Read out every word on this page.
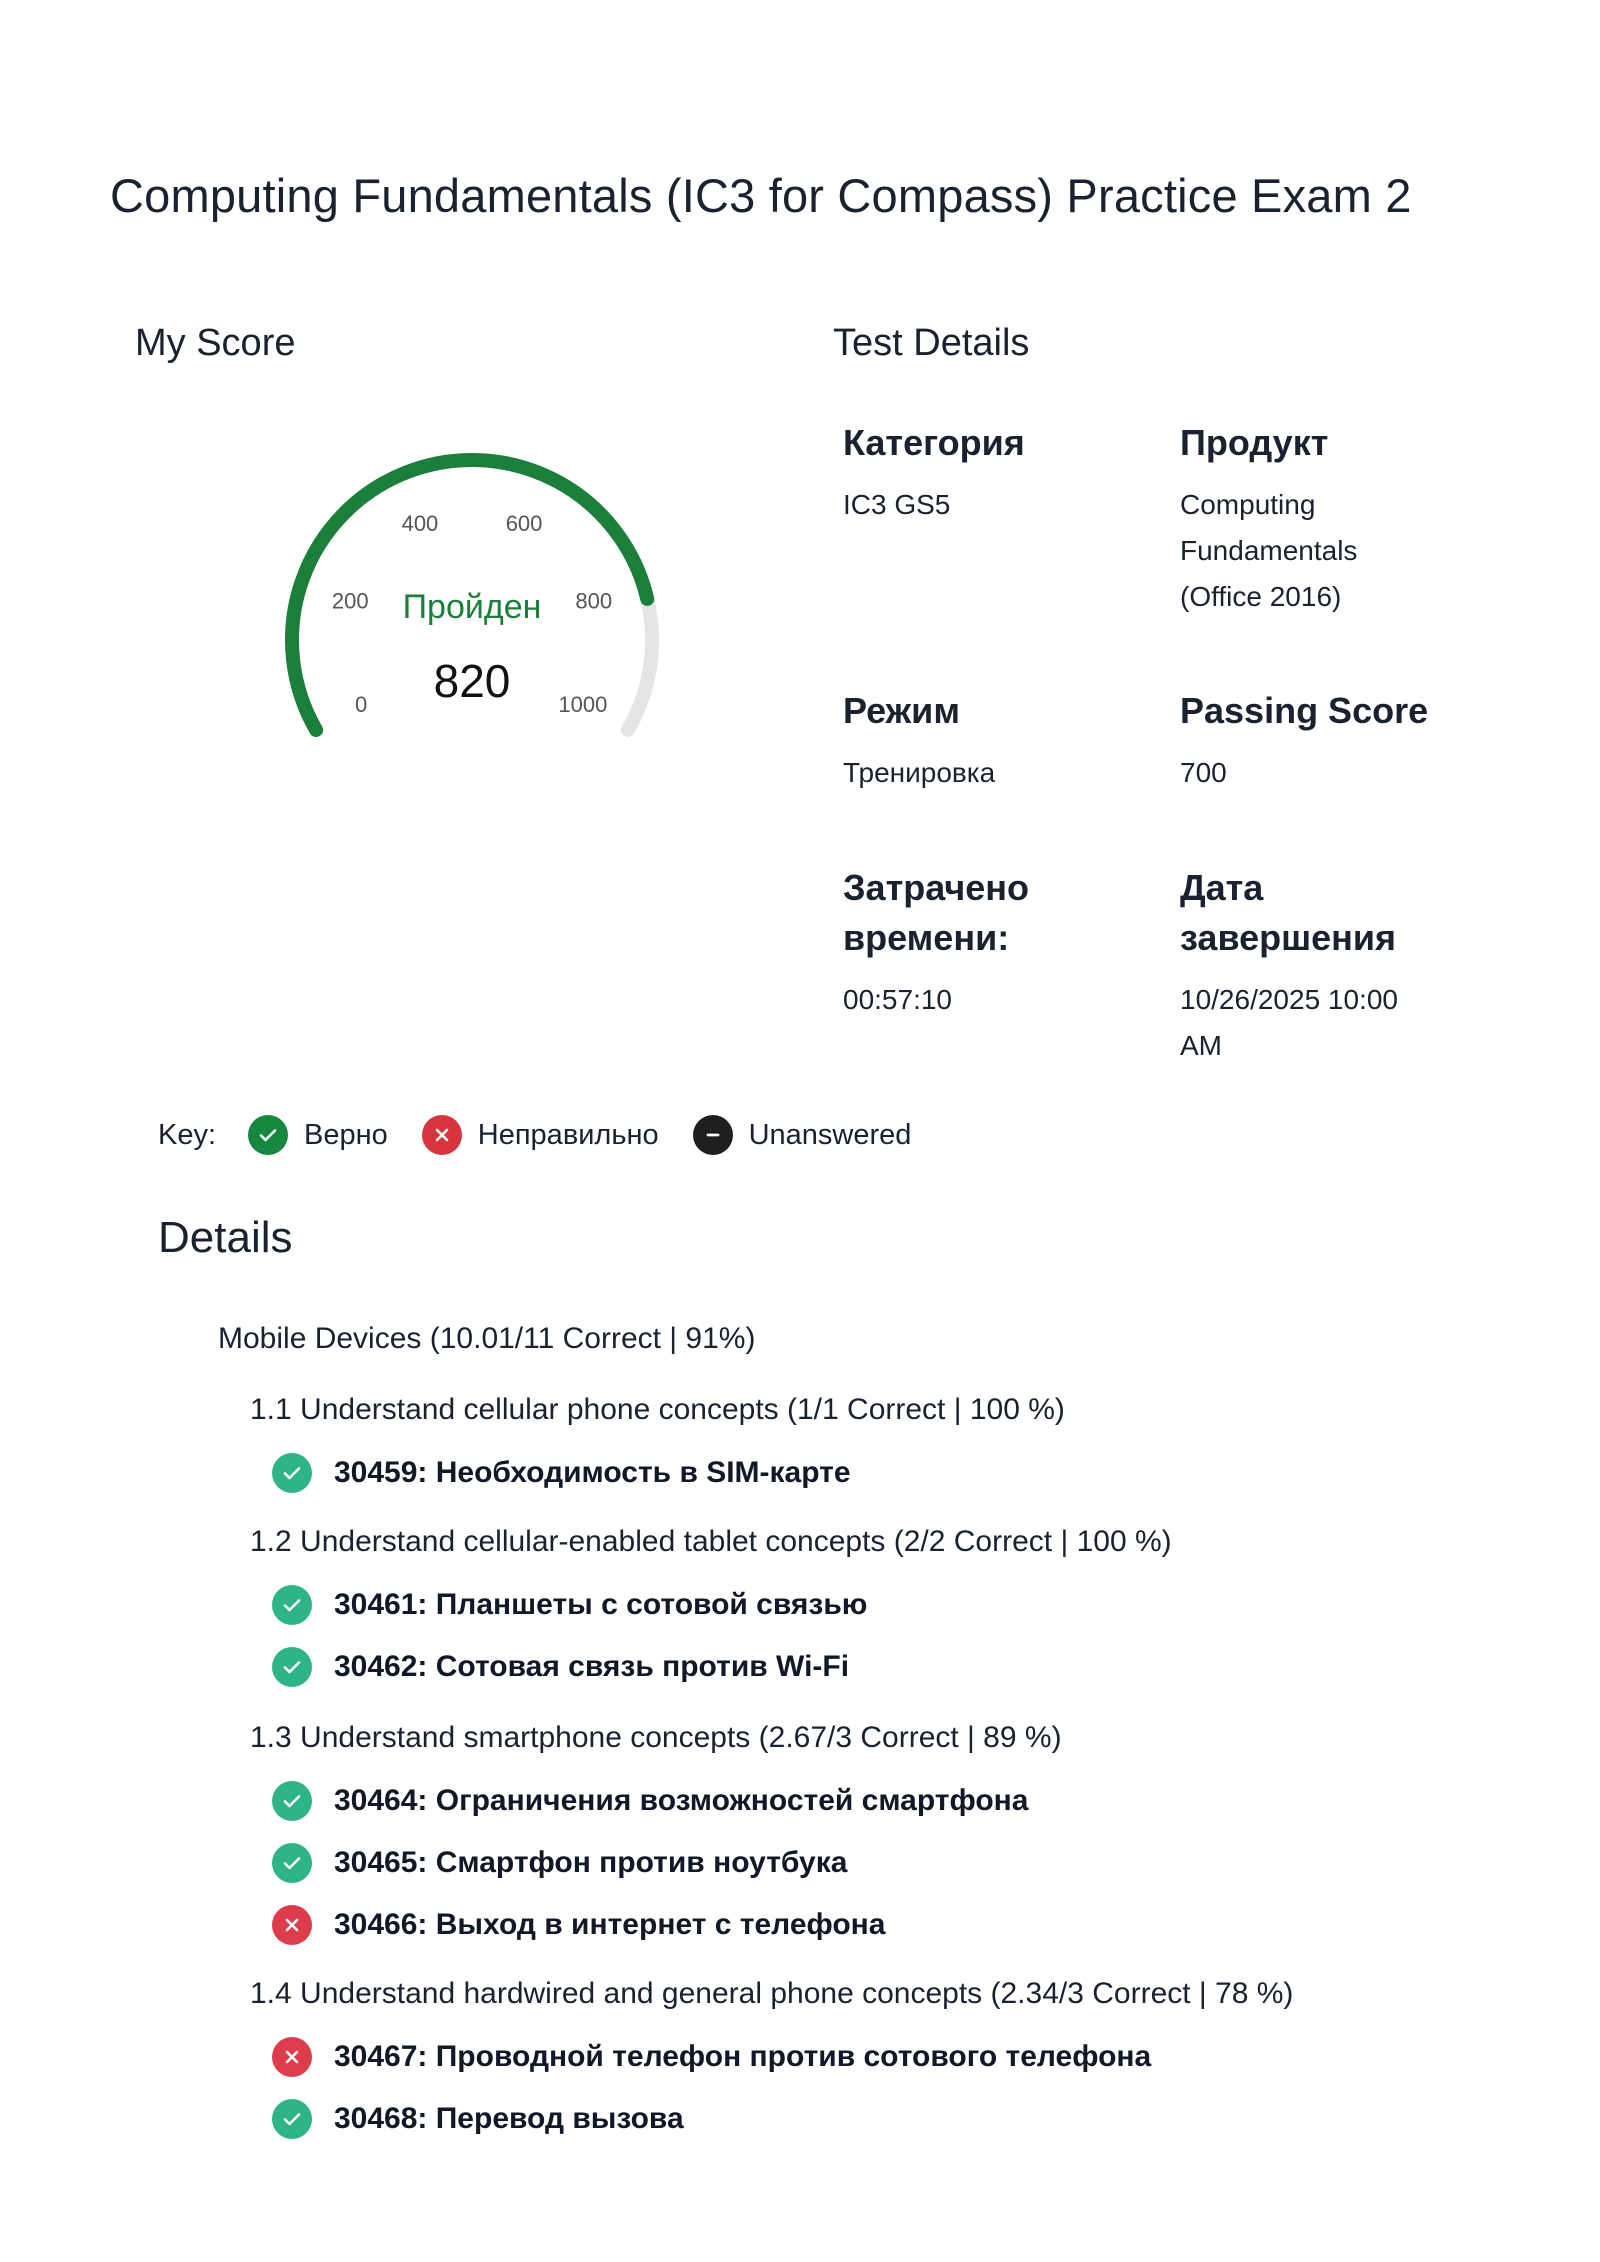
Computing Fundamentals (IC3 for Compass) Practice Exam 2
My Score
0
200
400	600
800
1000
Пройден
820
Test Details
Категория
IC3 GS5
Продукт
Computing
Fundamentals
(Office 2016)
Режим
Тренировка
Passing Score
700
Затрачено
времени:
00:57:10
Дата
завершения
10/26/2025 10:00
AM
Key:	Верно	Неправильно	Unanswered
Details
Mobile Devices (10.01/11 Correct | 91%)
1.1 Understand cellular phone concepts (1/1 Correct | 100 %)
30459: Необходимость в SIM-карте
1.2 Understand cellular-enabled tablet concepts (2/2 Correct | 100 %)
30461: Планшеты с сотовой связью
30462: Сотовая связь против Wi-Fi
1.3 Understand smartphone concepts (2.67/3 Correct | 89 %)
30464: Ограничения возможностей смартфона
30465: Смартфон против ноутбука
30466: Выход в интернет с телефона
1.4 Understand hardwired and general phone concepts (2.34/3 Correct | 78 %)
30467: Проводной телефон против сотового телефона
30468: Перевод вызова
